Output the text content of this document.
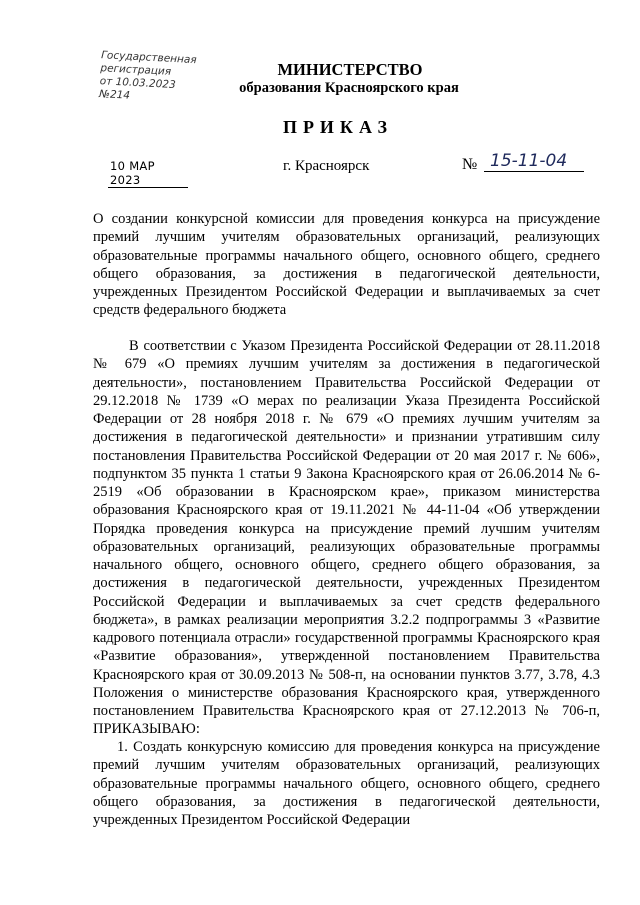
Государственная
регистрация
от 10.03.2023
№214
МИНИСТЕРСТВО
образования Красноярского края
ПРИКАЗ
10 МАР 2023
г. Красноярск	№ 15-11-04
О создании конкурсной комиссии для проведения конкурса на присуждение премий лучшим учителям образовательных организаций, реализующих образовательные программы начального общего, основного общего, среднего общего образования, за достижения в педагогической деятельности, учрежденных Президентом Российской Федерации и выплачиваемых за счет средств федерального бюджета
В соответствии с Указом Президента Российской Федерации от 28.11.2018 № 679 «О премиях лучшим учителям за достижения в педагогической деятельности», постановлением Правительства Российской Федерации от 29.12.2018 № 1739 «О мерах по реализации Указа Президента Российской Федерации от 28 ноября 2018 г. № 679 «О премиях лучшим учителям за достижения в педагогической деятельности» и признании утратившим силу постановления Правительства Российской Федерации от 20 мая 2017 г. № 606», подпунктом 35 пункта 1 статьи 9 Закона Красноярского края от 26.06.2014 № 6-2519 «Об образовании в Красноярском крае», приказом министерства образования Красноярского края от 19.11.2021 № 44-11-04 «Об утверждении Порядка проведения конкурса на присуждение премий лучшим учителям образовательных организаций, реализующих образовательные программы начального общего, основного общего, среднего общего образования, за достижения в педагогической деятельности, учрежденных Президентом Российской Федерации и выплачиваемых за счет средств федерального бюджета», в рамках реализации мероприятия 3.2.2 подпрограммы 3 «Развитие кадрового потенциала отрасли» государственной программы Красноярского края «Развитие образования», утвержденной постановлением Правительства Красноярского края от 30.09.2013 № 508-п, на основании пунктов 3.77, 3.78, 4.3 Положения о министерстве образования Красноярского края, утвержденного постановлением Правительства Красноярского края от 27.12.2013 № 706-п, ПРИКАЗЫВАЮ:
1. Создать конкурсную комиссию для проведения конкурса на присуждение премий лучшим учителям образовательных организаций, реализующих образовательные программы начального общего, основного общего, среднего общего образования, за достижения в педагогической деятельности, учрежденных Президентом Российской Федерации
